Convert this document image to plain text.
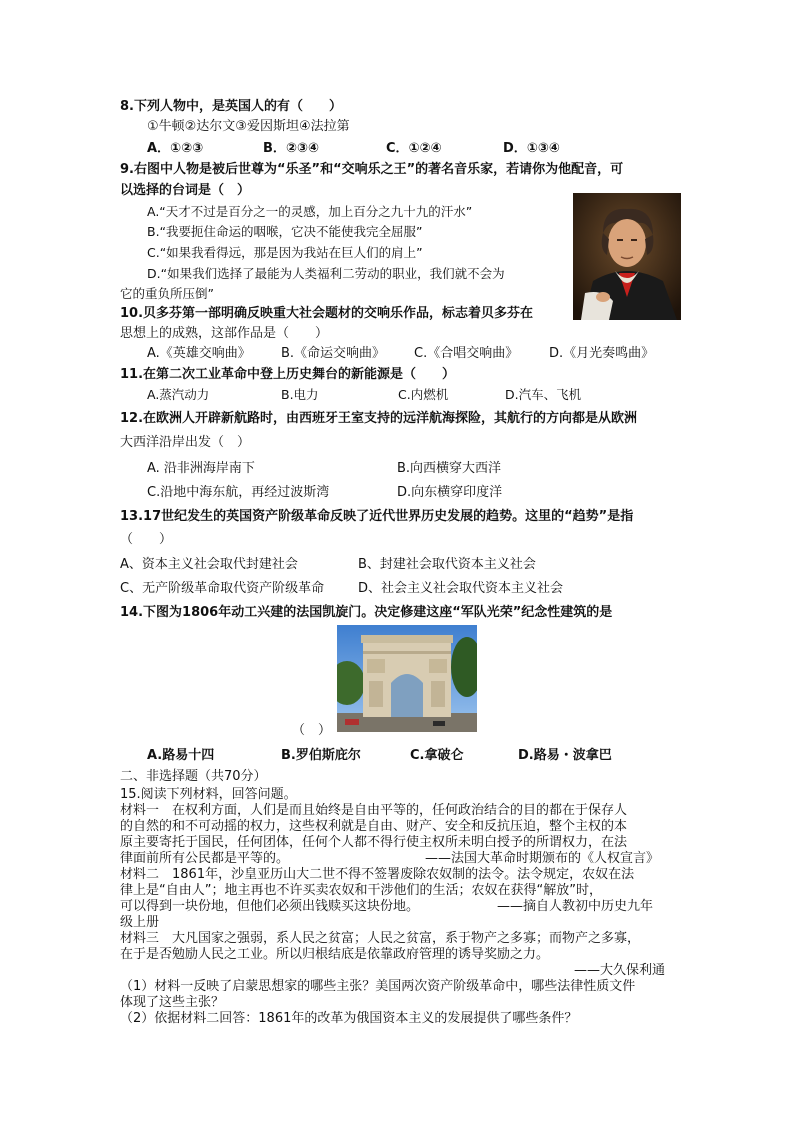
8.下列人物中，是英国人的有（　　）
①牛顿②达尔文③爱因斯坦④法拉第
A．①②③	B．②③④	C．①②④	D．①③④
9.右图中人物是被后世尊为“乐圣”和“交响乐之王”的著名音乐家，若请你为他配音，可
以选择的台词是（　）
A.“天才不过是百分之一的灵感，加上百分之九十九的汗水”
B.“我要扼住命运的咽喉，它决不能使我完全屈服”
C.“如果我看得远，那是因为我站在巨人们的肩上”
D.“如果我们选择了最能为人类福利二劳动的职业，我们就不会为
它的重负所压倒”
10.贝多芬第一部明确反映重大社会题材的交响乐作品，标志着贝多芬在
思想上的成熟，这部作品是（　　）
A.《英雄交响曲》 B.《命运交响曲》 C.《合唱交响曲》 D.《月光奏鸣曲》
11.在第二次工业革命中登上历史舞台的新能源是（　　）
A.蒸汽动力	B.电力	C.内燃机	D.汽车、飞机
12.在欧洲人开辟新航路时，由西班牙王室支持的远洋航海探险，其航行的方向都是从欧洲
大西洋沿岸出发（　）
A. 沿非洲海岸南下	B.向西横穿大西洋
C.沿地中海东航，再经过波斯湾	D.向东横穿印度洋
13.17世纪发生的英国资产阶级革命反映了近代世界历史发展的趋势。这里的“趋势”是指
（　　）
A、资本主义社会取代封建社会	B、封建社会取代资本主义社会
C、无产阶级革命取代资产阶级革命	D、社会主义社会取代资本主义社会
14.下图为1806年动工兴建的法国凯旋门。决定修建这座“军队光荣”纪念性建筑的是
（　）
A.路易十四	B.罗伯斯庇尔	C.拿破仑	D.路易・波拿巴
二、非选择题（共70分）
15.阅读下列材料，回答问题。
材料一　在权利方面，人们是而且始终是自由平等的，任何政治结合的目的都在于保存人
的自然的和不可动摇的权力，这些权利就是自由、财产、安全和反抗压迫，整个主权的本
原主要寄托于国民，任何团体，任何个人都不得行使主权所未明白授予的所谓权力，在法
律面前所有公民都是平等的。	——法国大革命时期颁布的《人权宣言》
材料二　1861年，沙皇亚历山大二世不得不签署废除农奴制的法令。法令规定，农奴在法
律上是“自由人”；地主再也不许买卖农奴和干涉他们的生活；农奴在获得“解放”时，
可以得到一块份地，但他们必须出钱赎买这块份地。	——摘自人教初中历史九年
级上册
材料三　大凡国家之强弱，系人民之贫富；人民之贫富，系于物产之多寡；而物产之多寡，
在于是否勉励人民之工业。所以归根结底是依靠政府管理的诱导奖励之力。
——大久保利通
（1）材料一反映了启蒙思想家的哪些主张？美国两次资产阶级革命中，哪些法律性质文件
体现了这些主张？
（2）依据材料二回答：1861年的改革为俄国资本主义的发展提供了哪些条件？
